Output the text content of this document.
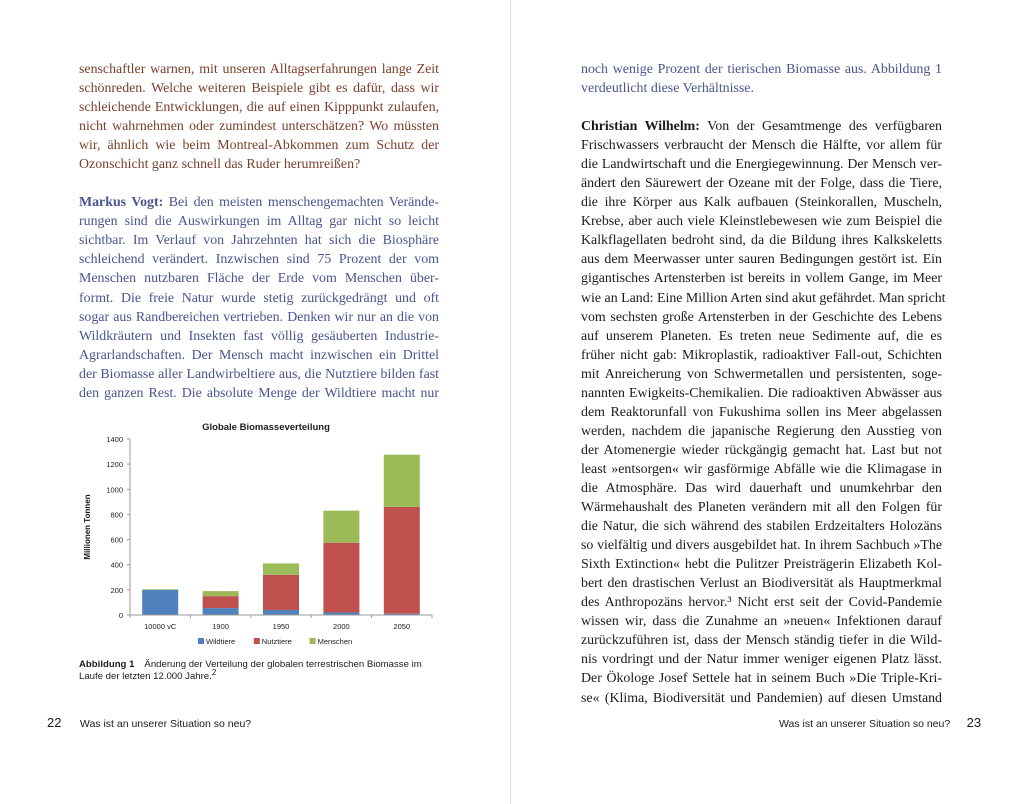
senschaftler warnen, mit unseren Alltagserfahrungen lange Zeit
schönreden. Welche weiteren Beispiele gibt es dafür, dass wir
schleichende Entwicklungen, die auf einen Kipppunkt zulaufen,
nicht wahrnehmen oder zumindest unterschätzen? Wo müssten
wir, ähnlich wie beim Montreal-Abkommen zum Schutz der
Ozonschicht ganz schnell das Ruder herumreißen?

Markus Vogt: Bei den meisten menschengemachten Verände-
rungen sind die Auswirkungen im Alltag gar nicht so leicht
sichtbar. Im Verlauf von Jahrzehnten hat sich die Biosphäre
schleichend verändert. Inzwischen sind 75 Prozent der vom
Menschen nutzbaren Fläche der Erde vom Menschen über-
formt. Die freie Natur wurde stetig zurückgedrängt und oft
sogar aus Randbereichen vertrieben. Denken wir nur an die von
Wildkräutern und Insekten fast völlig gesäuberten Industrie-
Agrarlandschaften. Der Mensch macht inzwischen ein Drittel
der Biomasse aller Landwirbeltiere aus, die Nutztiere bilden fast
den ganzen Rest. Die absolute Menge der Wildtiere macht nur

Globale Biomasseverteilung
Millionen Tonnen
0
200
400
600
800
1000
1200
1400
10000 vC	1900	1950	2000	2050
Wildtiere	Nutztiere	Menschen
Abbildung 1 Änderung der Verteilung der globalen terrestrischen Biomasse im Laufe der letzten 12.000 Jahre.$^2$
22 Was ist an unserer Situation so neu?

noch wenige Prozent der tierischen Biomasse aus. Abbildung 1
verdeutlicht diese Verhältnisse.

Christian Wilhelm: Von der Gesamtmenge des verfügbaren
Frischwassers verbraucht der Mensch die Hälfte, vor allem für
die Landwirtschaft und die Energiegewinnung. Der Mensch ver-
ändert den Säurewert der Ozeane mit der Folge, dass die Tiere,
die ihre Körper aus Kalk aufbauen (Steinkorallen, Muscheln,
Krebse, aber auch viele Kleinstlebewesen wie zum Beispiel die
Kalkflagellaten bedroht sind, da die Bildung ihres Kalkskeletts
aus dem Meerwasser unter sauren Bedingungen gestört ist. Ein
gigantisches Artensterben ist bereits in vollem Gange, im Meer
wie an Land: Eine Million Arten sind akut gefährdet. Man spricht
vom sechsten große Artensterben in der Geschichte des Lebens
auf unserem Planeten. Es treten neue Sedimente auf, die es
früher nicht gab: Mikroplastik, radioaktiver Fall-out, Schichten
mit Anreicherung von Schwermetallen und persistenten, soge-
nannten Ewigkeits-Chemikalien. Die radioaktiven Abwässer aus
dem Reaktorunfall von Fukushima sollen ins Meer abgelassen
werden, nachdem die japanische Regierung den Ausstieg von
der Atomenergie wieder rückgängig gemacht hat. Last but not
least »entsorgen« wir gasförmige Abfälle wie die Klimagase in
die Atmosphäre. Das wird dauerhaft und unumkehrbar den
Wärmehaushalt des Planeten verändern mit all den Folgen für
die Natur, die sich während des stabilen Erdzeitalters Holozäns
so vielfältig und divers ausgebildet hat. In ihrem Sachbuch »The
Sixth Extinction« hebt die Pulitzer Preisträgerin Elizabeth Kol-
bert den drastischen Verlust an Biodiversität als Hauptmerkmal
des Anthropozäns hervor.³ Nicht erst seit der Covid-Pandemie
wissen wir, dass die Zunahme an »neuen« Infektionen darauf
zurückzuführen ist, dass der Mensch ständig tiefer in die Wild-
nis vordringt und der Natur immer weniger eigenen Platz lässt.
Der Ökologe Josef Settele hat in seinem Buch »Die Triple-Kri-
se« (Klima, Biodiversität und Pandemien) auf diesen Umstand

Was ist an unserer Situation so neu? 23
